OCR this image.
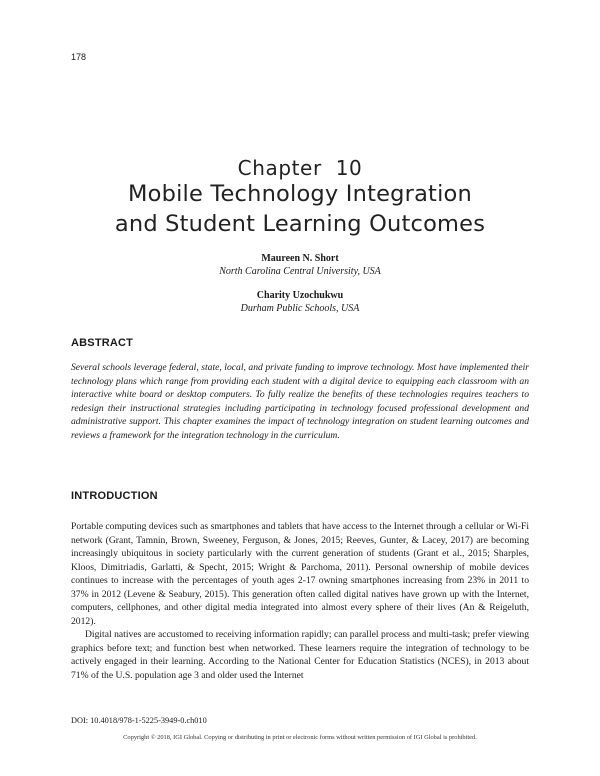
178
Chapter  10
Mobile Technology Integration
and Student Learning Outcomes
Maureen N. Short
North Carolina Central University, USA
Charity Uzochukwu
Durham Public Schools, USA
ABSTRACT
Several schools leverage federal, state, local, and private funding to improve technology. Most have implemented their technology plans which range from providing each student with a digital device to equipping each classroom with an interactive white board or desktop computers. To fully realize the benefits of these technologies requires teachers to redesign their instructional strategies including participating in technology focused professional development and administrative support. This chapter examines the impact of technology integration on student learning outcomes and reviews a framework for the integration technology in the curriculum.
INTRODUCTION

Portable computing devices such as smartphones and tablets that have access to the Internet through a cellular or Wi-Fi network (Grant, Tamnin, Brown, Sweeney, Ferguson, & Jones, 2015; Reeves, Gunter, & Lacey, 2017) are becoming increasingly ubiquitous in society particularly with the current generation of students (Grant et al., 2015; Sharples, Kloos, Dimitriadis, Garlatti, & Specht, 2015; Wright & Parchoma, 2011). Personal ownership of mobile devices continues to increase with the percentages of youth ages 2-17 owning smartphones increasing from 23% in 2011 to 37% in 2012 (Levene & Seabury, 2015). This generation often called digital natives have grown up with the Internet, computers, cellphones, and other digital media integrated into almost every sphere of their lives (An & Reigeluth, 2012).

Digital natives are accustomed to receiving information rapidly; can parallel process and multi-task; prefer viewing graphics before text; and function best when networked. These learners require the integration of technology to be actively engaged in their learning. According to the National Center for Education Statistics (NCES), in 2013 about 71% of the U.S. population age 3 and older used the Internet

DOI: 10.4018/978-1-5225-3949-0.ch010
Copyright © 2018, IGI Global. Copying or distributing in print or electronic forms without written permission of IGI Global is prohibited.
